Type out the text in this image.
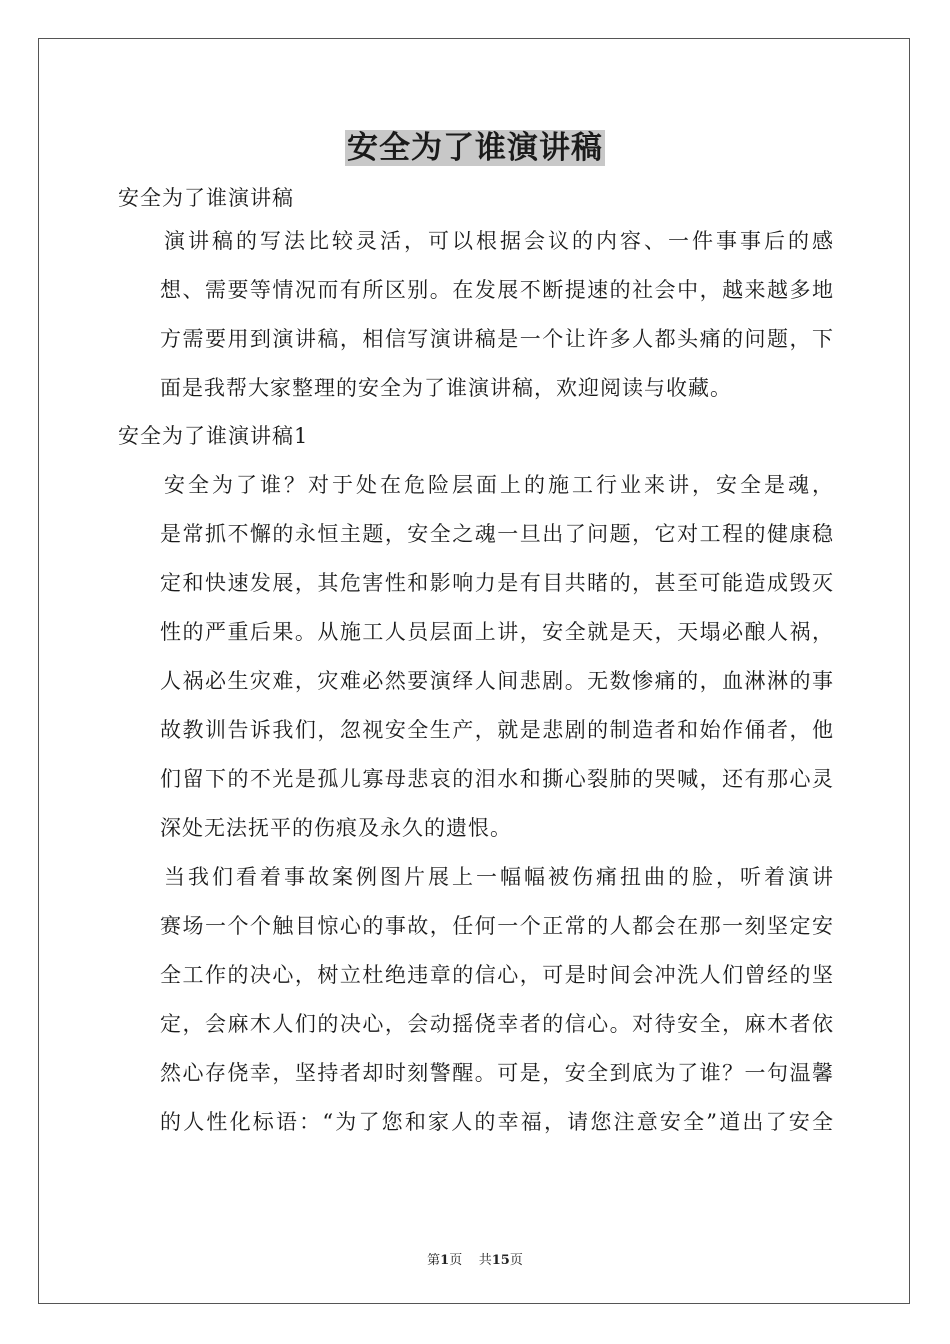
安全为了谁演讲稿

安全为了谁演讲稿

演讲稿的写法比较灵活，可以根据会议的内容、一件事事后的感
想、需要等情况而有所区别。在发展不断提速的社会中，越来越多地
方需要用到演讲稿，相信写演讲稿是一个让许多人都头痛的问题，下
面是我帮大家整理的安全为了谁演讲稿，欢迎阅读与收藏。

安全为了谁演讲稿1

安全为了谁？对于处在危险层面上的施工行业来讲，安全是魂，
是常抓不懈的永恒主题，安全之魂一旦出了问题，它对工程的健康稳
定和快速发展，其危害性和影响力是有目共睹的，甚至可能造成毁灭
性的严重后果。从施工人员层面上讲，安全就是天，天塌必酿人祸，
人祸必生灾难，灾难必然要演绎人间悲剧。无数惨痛的，血淋淋的事
故教训告诉我们，忽视安全生产，就是悲剧的制造者和始作俑者，他
们留下的不光是孤儿寡母悲哀的泪水和撕心裂肺的哭喊，还有那心灵
深处无法抚平的伤痕及永久的遗恨。
当我们看着事故案例图片展上一幅幅被伤痛扭曲的脸，听着演讲
赛场一个个触目惊心的事故，任何一个正常的人都会在那一刻坚定安
全工作的决心，树立杜绝违章的信心，可是时间会冲洗人们曾经的坚
定，会麻木人们的决心，会动摇侥幸者的信心。对待安全，麻木者依
然心存侥幸，坚持者却时刻警醒。可是，安全到底为了谁？一句温馨
的人性化标语：“为了您和家人的幸福，请您注意安全”道出了安全
第1页 共15页
